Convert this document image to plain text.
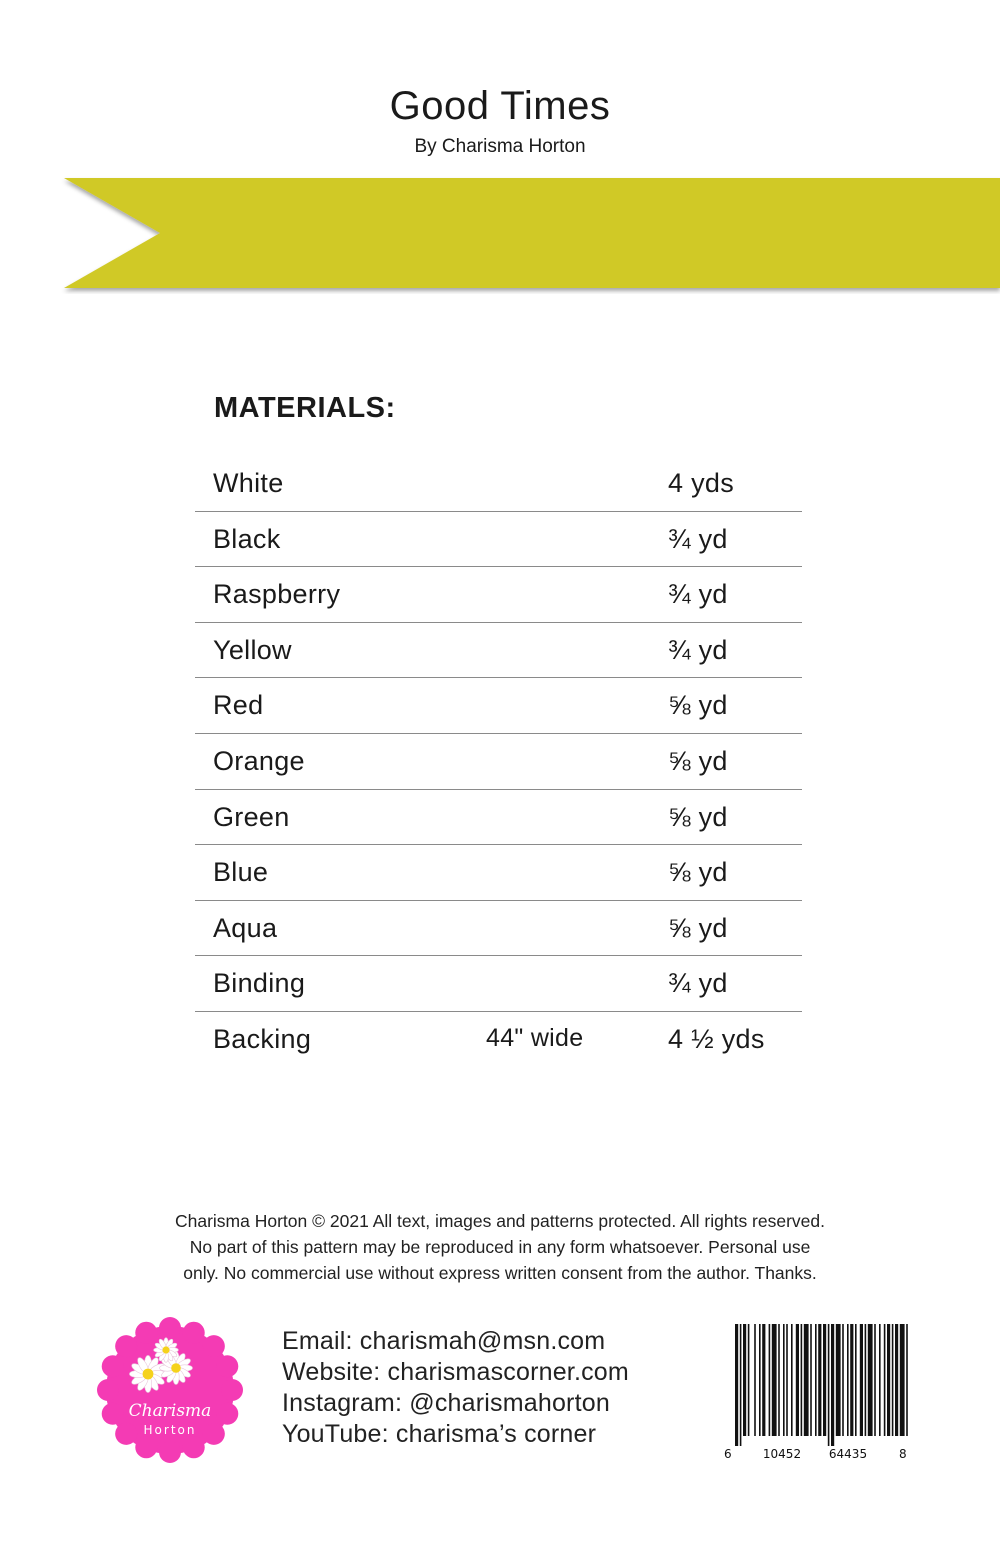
Good Times
By Charisma Horton
MATERIALS:
White	4 yds
Black	¾ yd
Raspberry	¾ yd
Yellow	¾ yd
Red	⅝ yd
Orange	⅝ yd
Green	⅝ yd
Blue	⅝ yd
Aqua	⅝ yd
Binding	¾ yd
Backing	44" wide	4 ½ yds
Charisma Horton © 2021 All text, images and patterns protected. All rights reserved.
No part of this pattern may be reproduced in any form whatsoever. Personal use
only. No commercial use without express written consent from the author. Thanks.
Charisma
Horton
Email: charismah@msn.com
Website: charismascorner.com
Instagram: @charismahorton
YouTube: charisma’s corner
6	10452 64435	8
